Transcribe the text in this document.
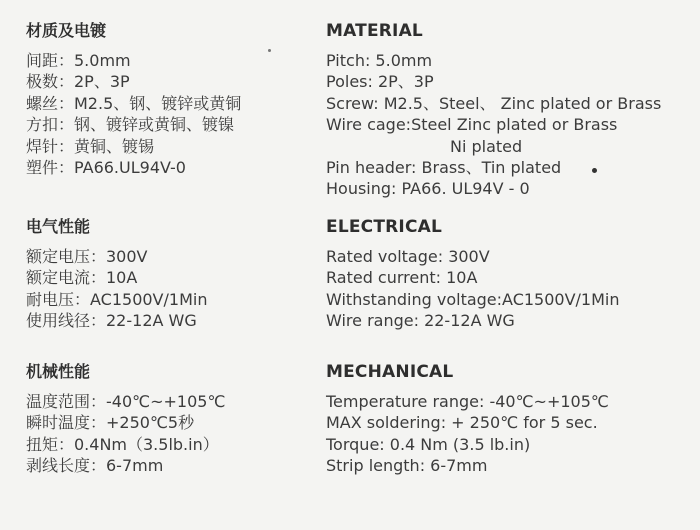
材质及电镀
间距：5.0mm
极数：2P、3P
螺丝：M2.5、钢、镀锌或黄铜
方扣：钢、镀锌或黄铜、镀镍
焊针：黄铜、镀锡
塑件：PA66.UL94V-0
电气性能
额定电压：300V
额定电流：10A
耐电压：AC1500V/1Min
使用线径：22-12A WG
机械性能
温度范围：-40℃~+105℃
瞬时温度：+250℃5秒
扭矩：0.4Nm（3.5lb.in）
剥线长度：6-7mm
MATERIAL
Pitch: 5.0mm
Poles: 2P、3P
Screw: M2.5、Steel、 Zinc plated or Brass
Wire cage:Steel Zinc plated or Brass
Ni plated
Pin header: Brass、Tin plated
Housing: PA66. UL94V - 0
ELECTRICAL
Rated voltage: 300V
Rated current: 10A
Withstanding voltage:AC1500V/1Min
Wire range: 22-12A WG
MECHANICAL
Temperature range: -40℃~+105℃
MAX soldering: + 250℃ for 5 sec.
Torque: 0.4 Nm (3.5 lb.in)
Strip length: 6-7mm
